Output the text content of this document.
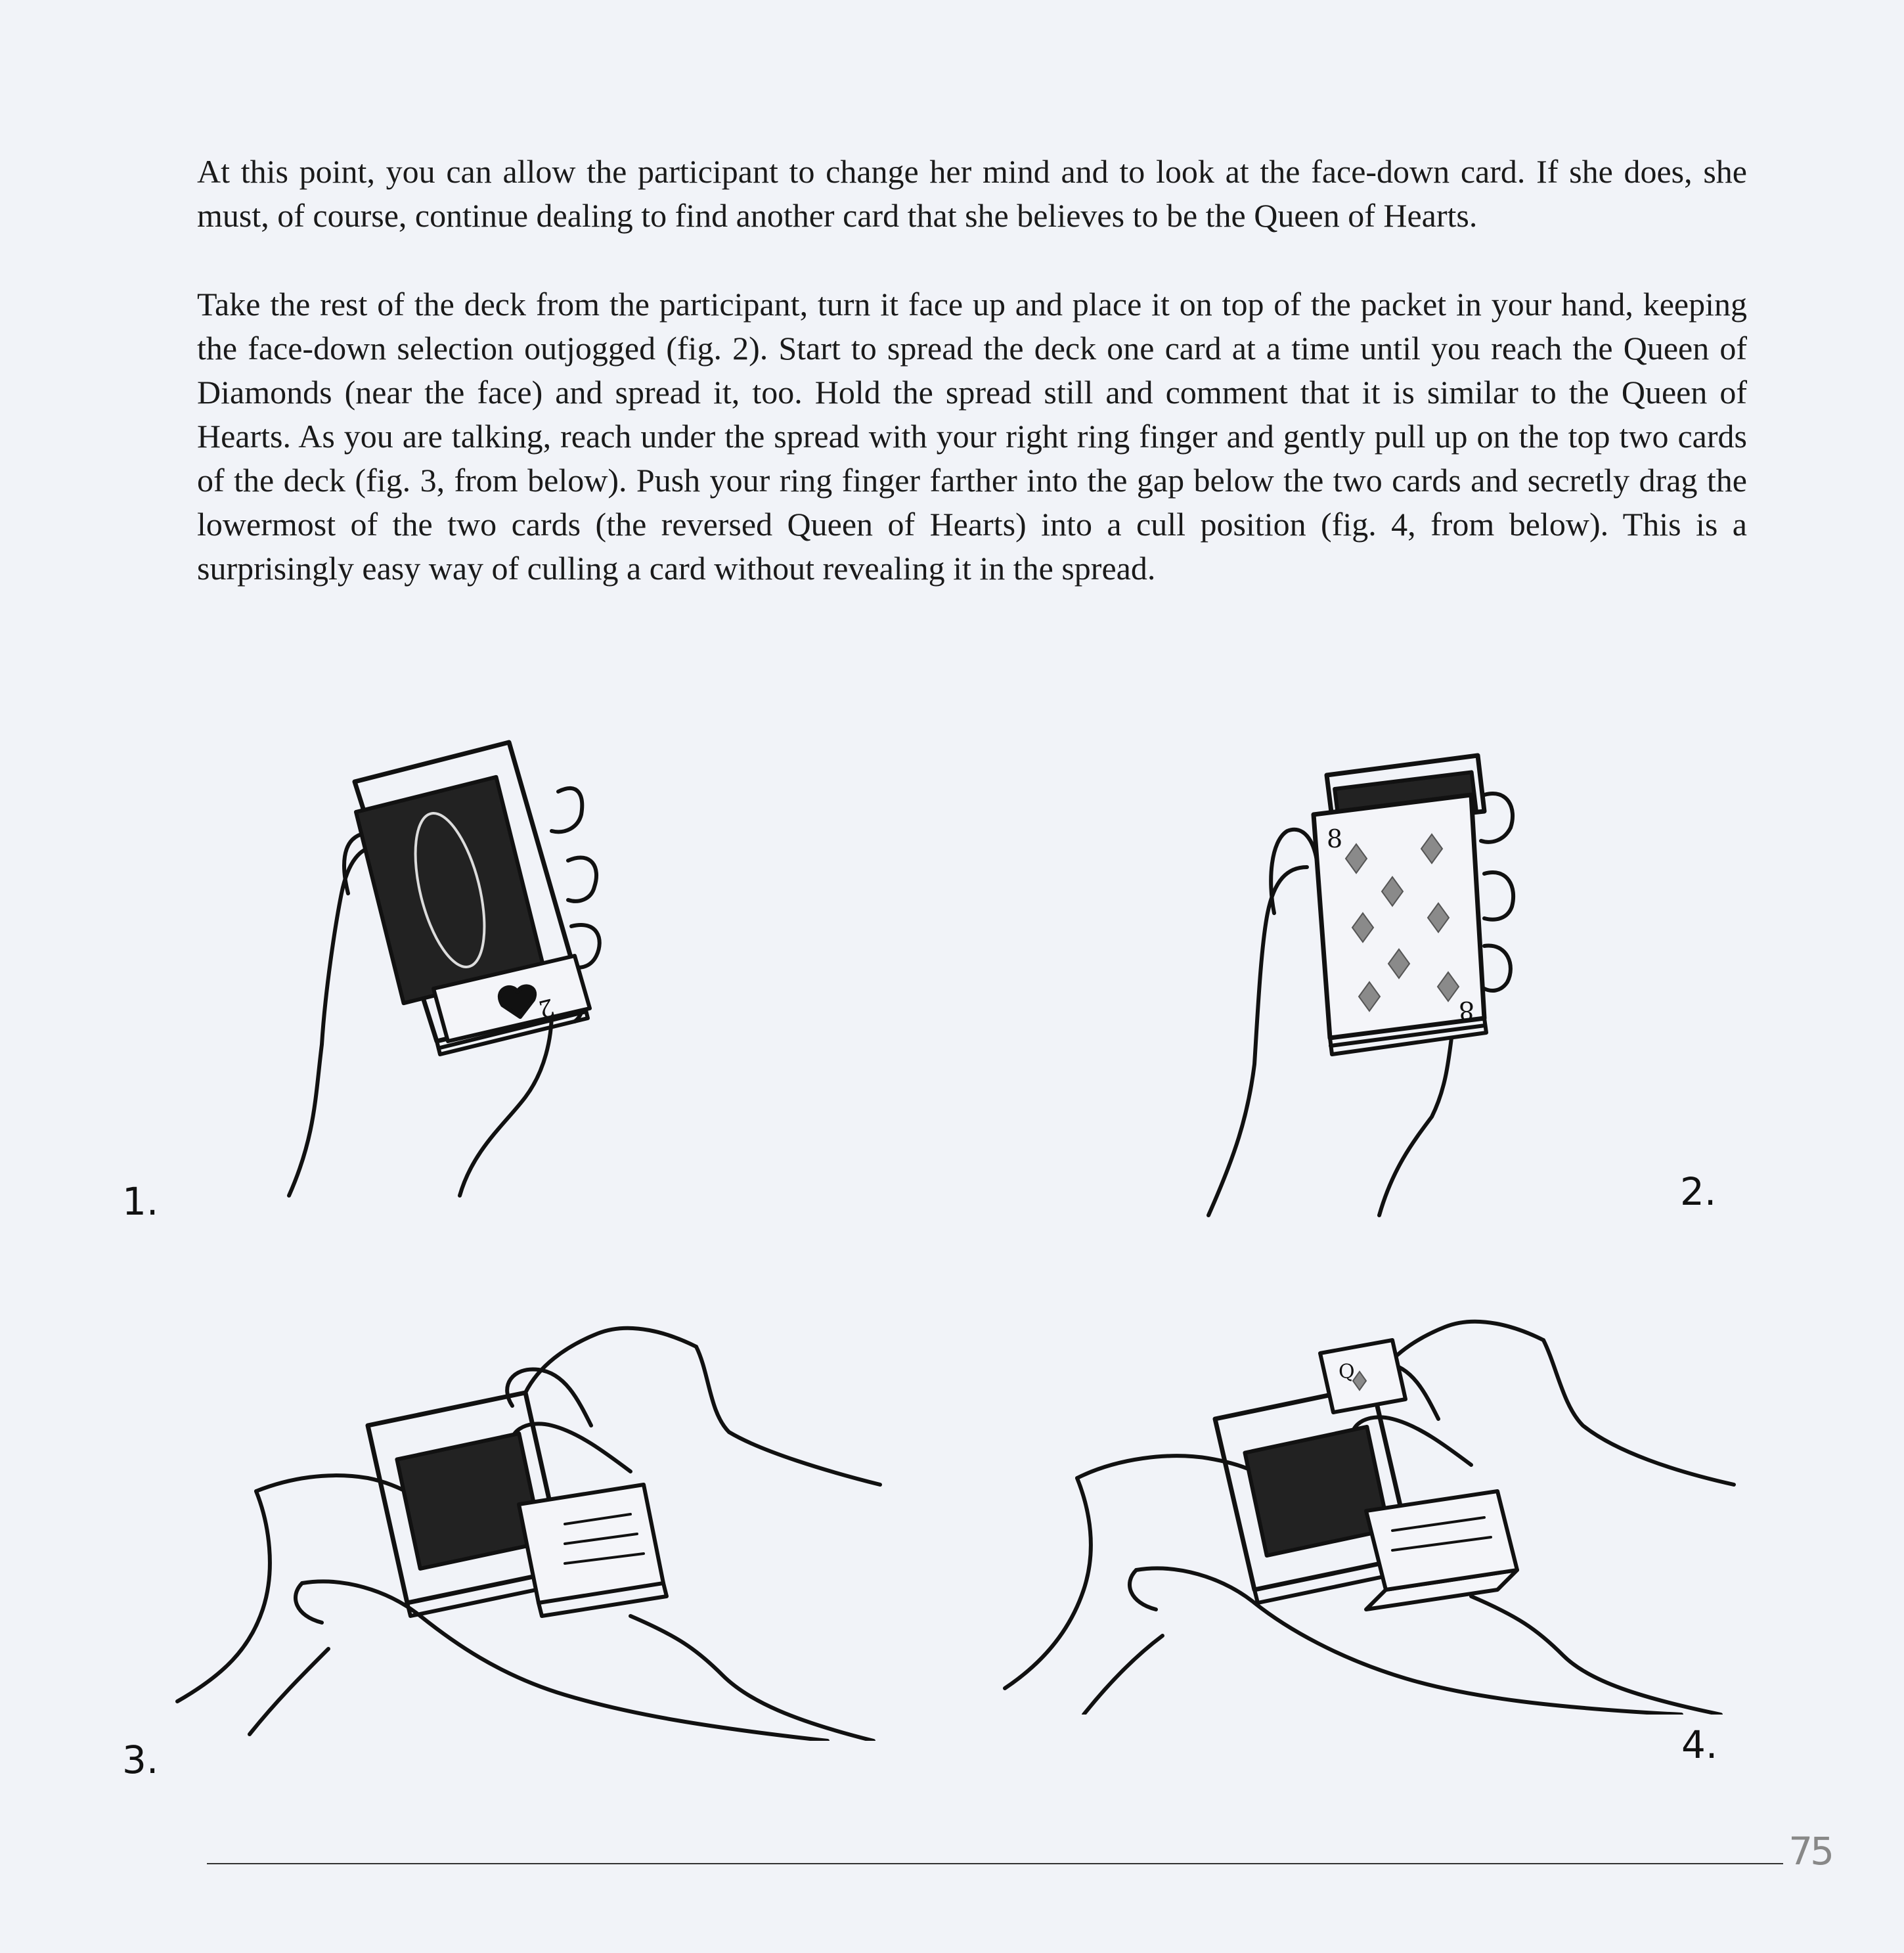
At this point, you can allow the participant to change her mind and to look at the face-down card. If she does, she must, of course, continue dealing to find another card that she believes to be the Queen of Hearts.

Take the rest of the deck from the participant, turn it face up and place it on top of the packet in your hand, keeping the face-down selection outjogged (fig. 2). Start to spread the deck one card at a time until you reach the Queen of Diamonds (near the face) and spread it, too. Hold the spread still and comment that it is similar to the Queen of Hearts. As you are talking, reach under the spread with your right ring finger and gently pull up on the top two cards of the deck (fig. 3, from below). Push your ring finger farther into the gap below the two cards and secretly drag the lowermost of the two cards (the reversed Queen of Hearts) into a cull position (fig. 4, from below). This is a surprisingly easy way of culling a card without revealing it in the spread.

2
1.
8
8
2.
3.
Q
4.
75
